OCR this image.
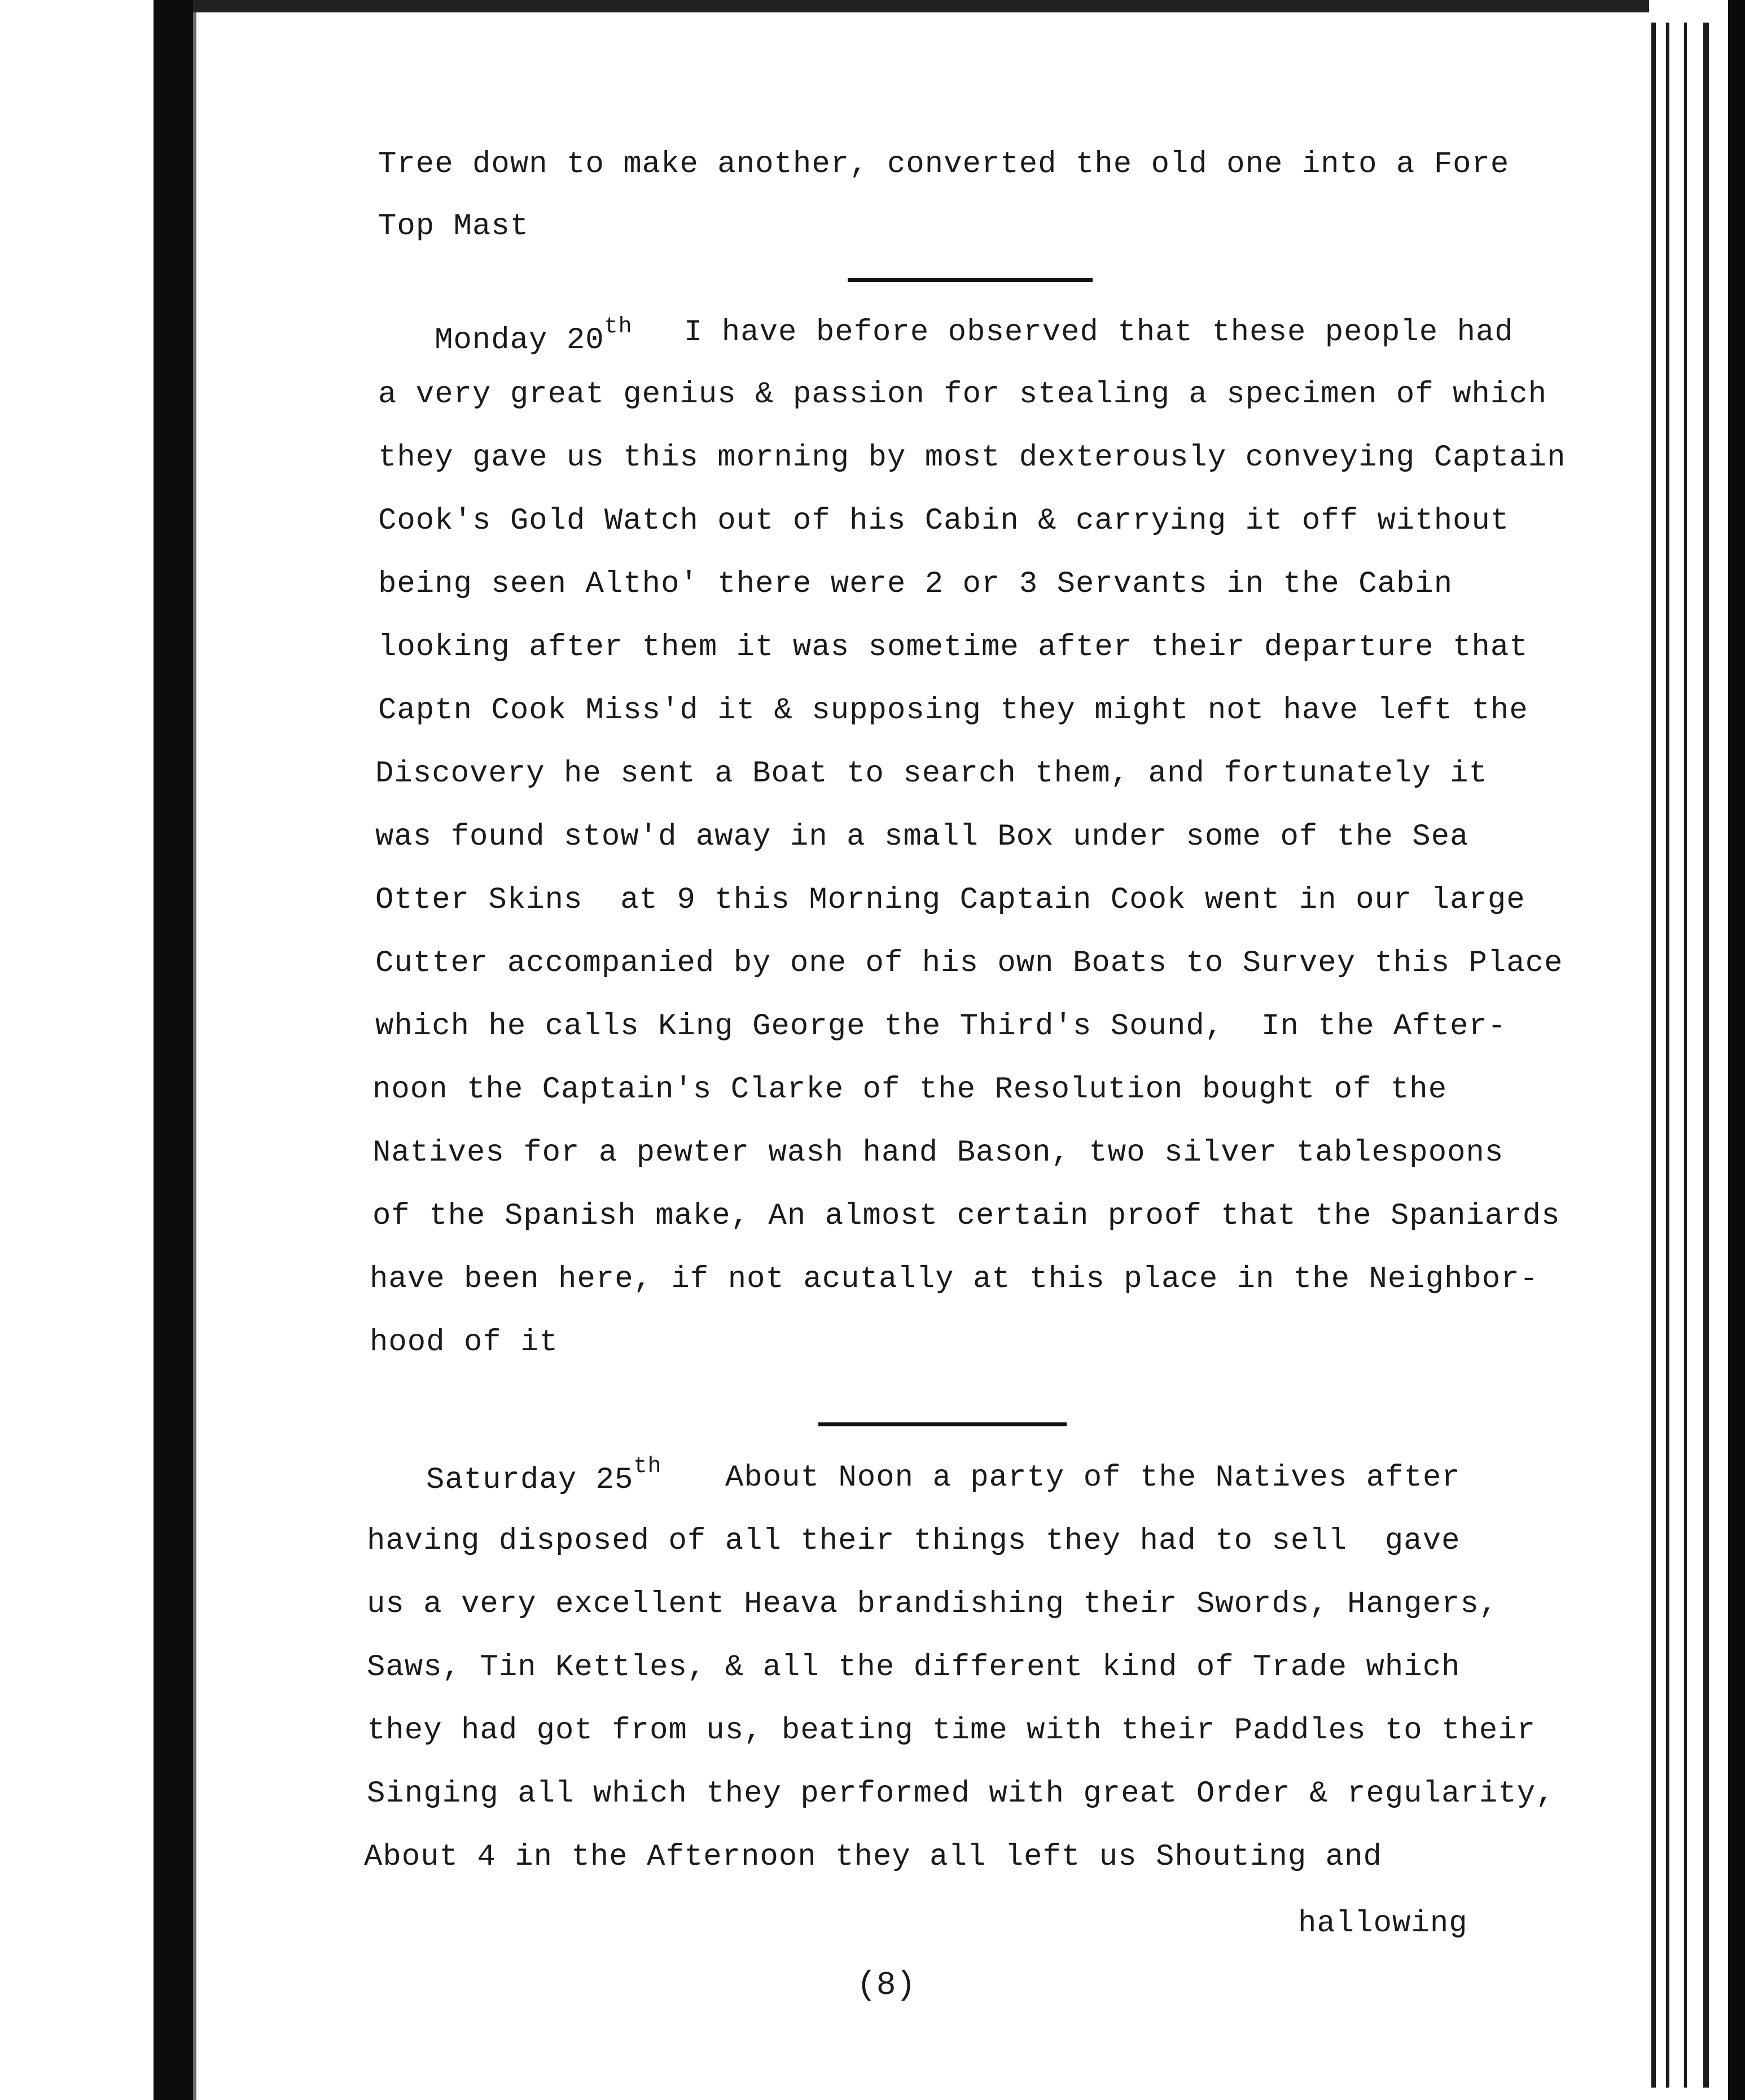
Tree down to make another, converted the old one into a Fore
Top Mast
Monday 20th I have before observed that these people had
a very great genius & passion for stealing a specimen of which
they gave us this morning by most dexterously conveying Captain
Cook's Gold Watch out of his Cabin & carrying it off without
being seen Altho' there were 2 or 3 Servants in the Cabin
looking after them it was sometime after their departure that
Captn Cook Miss'd it & supposing they might not have left the
Discovery he sent a Boat to search them, and fortunately it
was found stow'd away in a small Box under some of the Sea
Otter Skins  at 9 this Morning Captain Cook went in our large
Cutter accompanied by one of his own Boats to Survey this Place
which he calls King George the Third's Sound,  In the After-
noon the Captain's Clarke of the Resolution bought of the
Natives for a pewter wash hand Bason, two silver tablespoons
of the Spanish make, An almost certain proof that the Spaniards
have been here, if not acutally at this place in the Neighbor-
hood of it
Saturday 25th About Noon a party of the Natives after
having disposed of all their things they had to sell  gave
us a very excellent Heava brandishing their Swords, Hangers,
Saws, Tin Kettles, & all the different kind of Trade which
they had got from us, beating time with their Paddles to their
Singing all which they performed with great Order & regularity,
About 4 in the Afternoon they all left us Shouting and
hallowing
(8)
